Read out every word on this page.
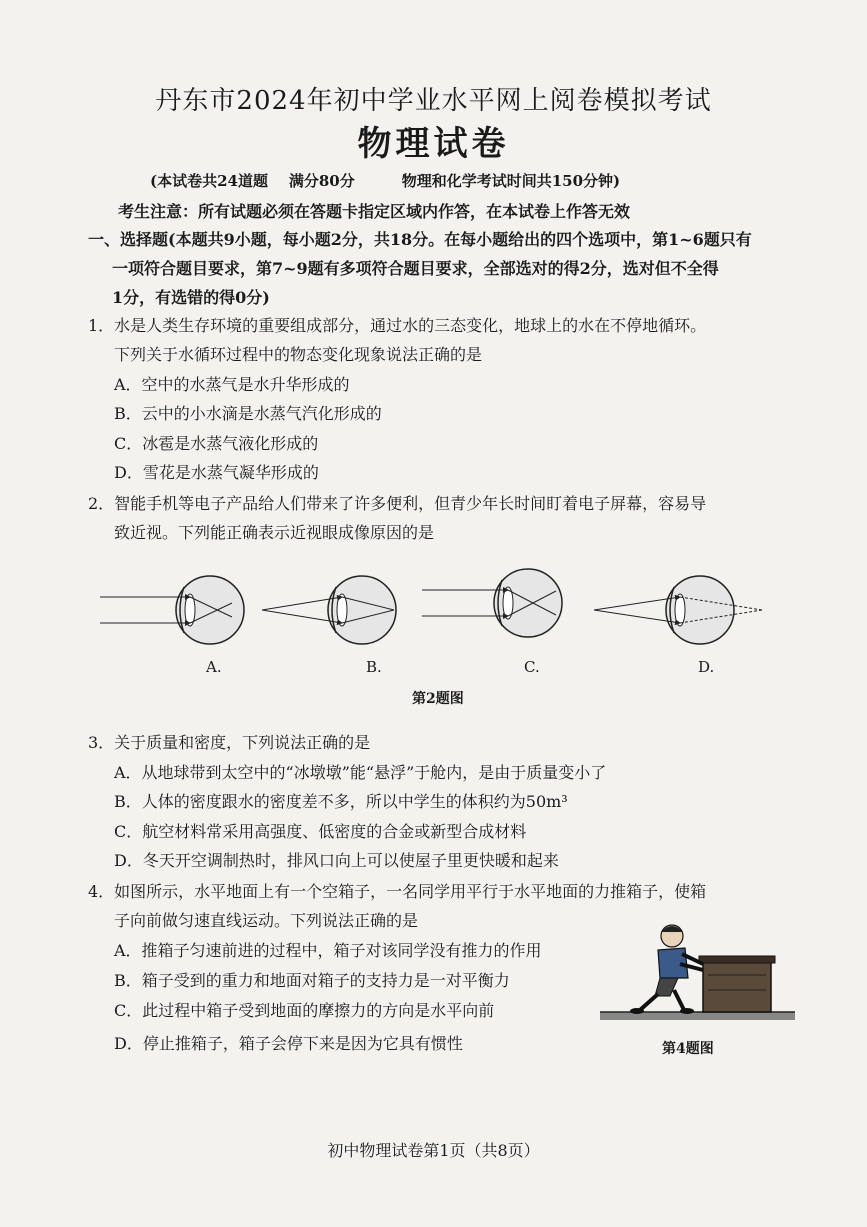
丹东市2024年初中学业水平网上阅卷模拟考试
物理试卷
(本试卷共24道题    满分80分         物理和化学考试时间共150分钟)
考生注意：所有试题必须在答题卡指定区域内作答，在本试卷上作答无效
一、选择题(本题共9小题，每小题2分，共18分。在每小题给出的四个选项中，第1~6题只有
一项符合题目要求，第7~9题有多项符合题目要求，全部选对的得2分，选对但不全得
1分，有选错的得0分)
1．水是人类生存环境的重要组成部分，通过水的三态变化，地球上的水在不停地循环。
下列关于水循环过程中的物态变化现象说法正确的是
A．空中的水蒸气是水升华形成的
B．云中的小水滴是水蒸气汽化形成的
C．冰雹是水蒸气液化形成的
D．雪花是水蒸气凝华形成的
2．智能手机等电子产品给人们带来了许多便利，但青少年长时间盯着电子屏幕，容易导
致近视。下列能正确表示近视眼成像原因的是
A.	B.	C.	D.
第2题图
3．关于质量和密度，下列说法正确的是
A．从地球带到太空中的“冰墩墩”能“悬浮”于舱内，是由于质量变小了
B．人体的密度跟水的密度差不多，所以中学生的体积约为50m³
C．航空材料常采用高强度、低密度的合金或新型合成材料
D．冬天开空调制热时，排风口向上可以使屋子里更快暖和起来
4．如图所示，水平地面上有一个空箱子，一名同学用平行于水平地面的力推箱子，使箱
子向前做匀速直线运动。下列说法正确的是
A．推箱子匀速前进的过程中，箱子对该同学没有推力的作用
B．箱子受到的重力和地面对箱子的支持力是一对平衡力
C．此过程中箱子受到地面的摩擦力的方向是水平向前
D．停止推箱子，箱子会停下来是因为它具有惯性	第4题图
初中物理试卷第1页（共8页）
